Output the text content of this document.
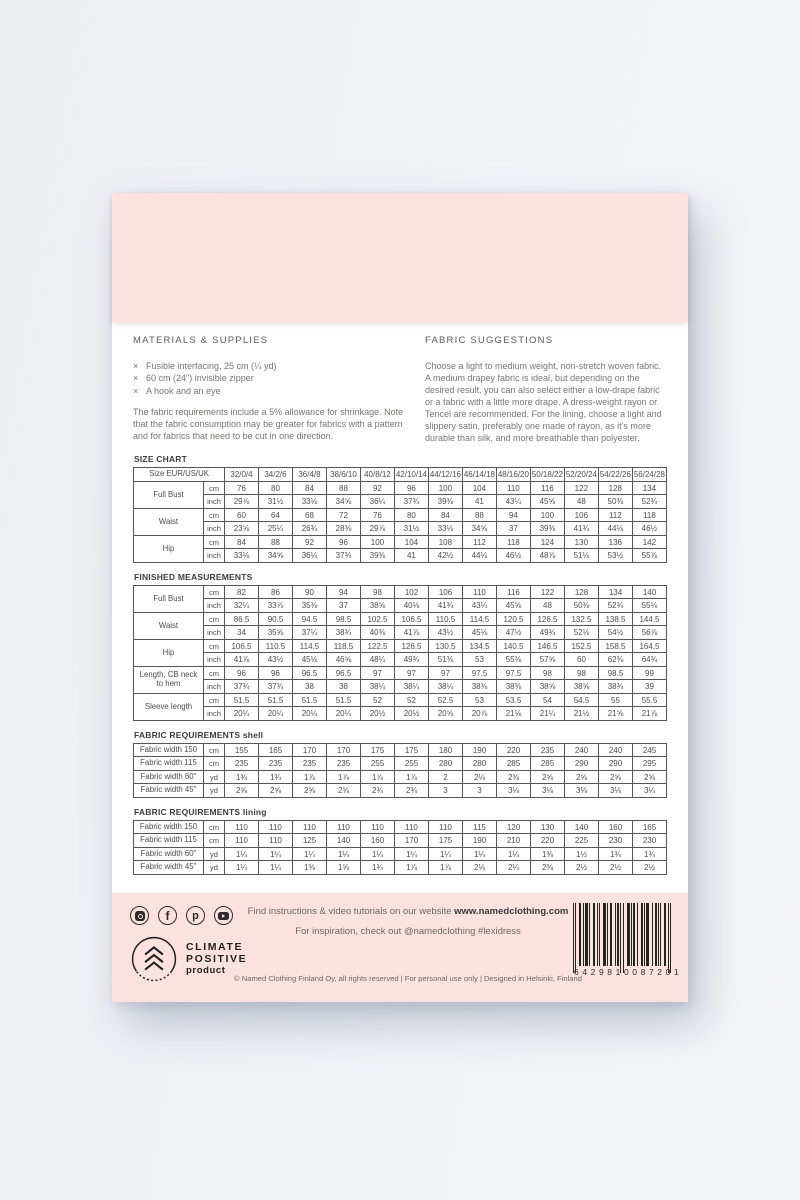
MATERIALS & SUPPLIES

× Fusible interfacing, 25 cm (¼ yd)
× 60 cm (24") invisible zipper
× A hook and an eye

The fabric requirements include a 5% allowance for shrinkage. Note that the fabric consumption may be greater for fabrics with a pattern and for fabrics that need to be cut in one direction.

FABRIC SUGGESTIONS

Choose a light to medium weight, non-stretch woven fabric. A medium drapey fabric is ideal, but depending on the desired result, you can also select either a low-drape fabric or a fabric with a little more drape. A dress-weight rayon or Tencel are recommended. For the lining, choose a light and slippery satin, preferably one made of rayon, as it's more durable than silk, and more breathable than polyester.

SIZE CHART

Size EUR/US/UK		32/0/4	34/2/6	36/4/8	38/6/10	40/8/12	42/10/14	44/12/16	46/14/18	48/16/20	50/18/22	52/20/24	54/22/26	56/24/28
Full Bust	cm	76	80	84	88	92	96	100	104	110	116	122	128	134
	inch	29⅞	31½	33⅛	34⅝	36¼	37¾	39⅜	41	43¼	45⅝	48	50⅜	52¾
Waist	cm	60	64	68	72	76	80	84	88	94	100	106	112	118
	inch	23⅝	25¼	26¾	28⅜	29⅞	31½	33⅛	34⅝	37	39⅜	41¾	44⅛	46½
Hip	cm	84	88	92	96	100	104	108	112	118	124	130	136	142
	inch	33⅛	34⅝	36¼	37¾	39⅜	41	42½	44⅛	46½	48⅞	51⅛	53½	55⅞

FINISHED MEASUREMENTS

Full Bust	cm	82	86	90	94	98	102	106	110	116	122	128	134	140
	inch	32¼	33⅞	35⅜	37	38⅝	40⅛	41¾	43¼	45⅝	48	50⅜	52¾	55⅛
Waist	cm	86.5	90.5	94.5	98.5	102.5	106.5	110.5	114.5	120.5	126.5	132.5	138.5	144.5
	inch	34	35⅝	37¼	38¾	40⅜	41⅞	43½	45⅛	47½	49¾	52⅛	54½	56⅞
Hip	cm	106.5	110.5	114.5	118.5	122.5	126.5	130.5	134.5	140.5	146.5	152.5	158.5	164.5
	inch	41⅞	43½	45⅛	46⅝	48¼	49¾	51⅜	53	55⅜	57⅝	60	62⅜	64¾
Length, CB neck to hem	cm	96	96	96.5	96.5	97	97	97	97.5	97.5	98	98	98.5	99
	inch	37¾	37¾	38	38	38¼	38¼	38¼	38⅜	38⅜	38⅝	38⅝	38¾	39
Sleeve length	cm	51.5	51.5	51.5	51.5	52	52	52.5	53	53.5	54	54.5	55	55.5
	inch	20¼	20¼	20¼	20¼	20½	20½	20⅝	20⅞	21⅛	21¼	21½	21⅝	21⅞

FABRIC REQUIREMENTS shell

Fabric width 150	cm	155	165	170	170	175	175	180	190	220	235	240	240	245
Fabric width 115	cm	235	235	235	235	255	255	280	280	285	285	290	290	295
Fabric width 60"	yd	1¾	1¾	1⅞	1⅞	1⅞	1⅞	2	2⅛	2⅜	2⅝	2⅝	2⅝	2⅝
Fabric width 45"	yd	2⅝	2⅝	2⅝	2⅝	2¾	2¾	3	3	3⅛	3⅛	3⅛	3⅛	3¼

FABRIC REQUIREMENTS lining

Fabric width 150	cm	110	110	110	110	110	110	110	115	120	130	140	160	165
Fabric width 115	cm	110	110	125	140	160	170	175	190	210	220	225	230	230
Fabric width 60"	yd	1¼	1¼	1¼	1¼	1¼	1¼	1¼	1¼	1¼	1⅜	1½	1¾	1¾
Fabric width 45"	yd	1¼	1¼	1⅜	1⅝	1¾	1⅞	1⅞	2⅛	2¼	2⅜	2½	2½	2½
f
p
CLIMATE
POSITIVE
product
Find instructions & video tutorials on our website www.namedclothing.com
For inspiration, check out @namedclothing #lexidress
© Named Clothing Finland Oy, all rights reserved | For personal use only | Designed in Helsinki, Finland
6429810087201
